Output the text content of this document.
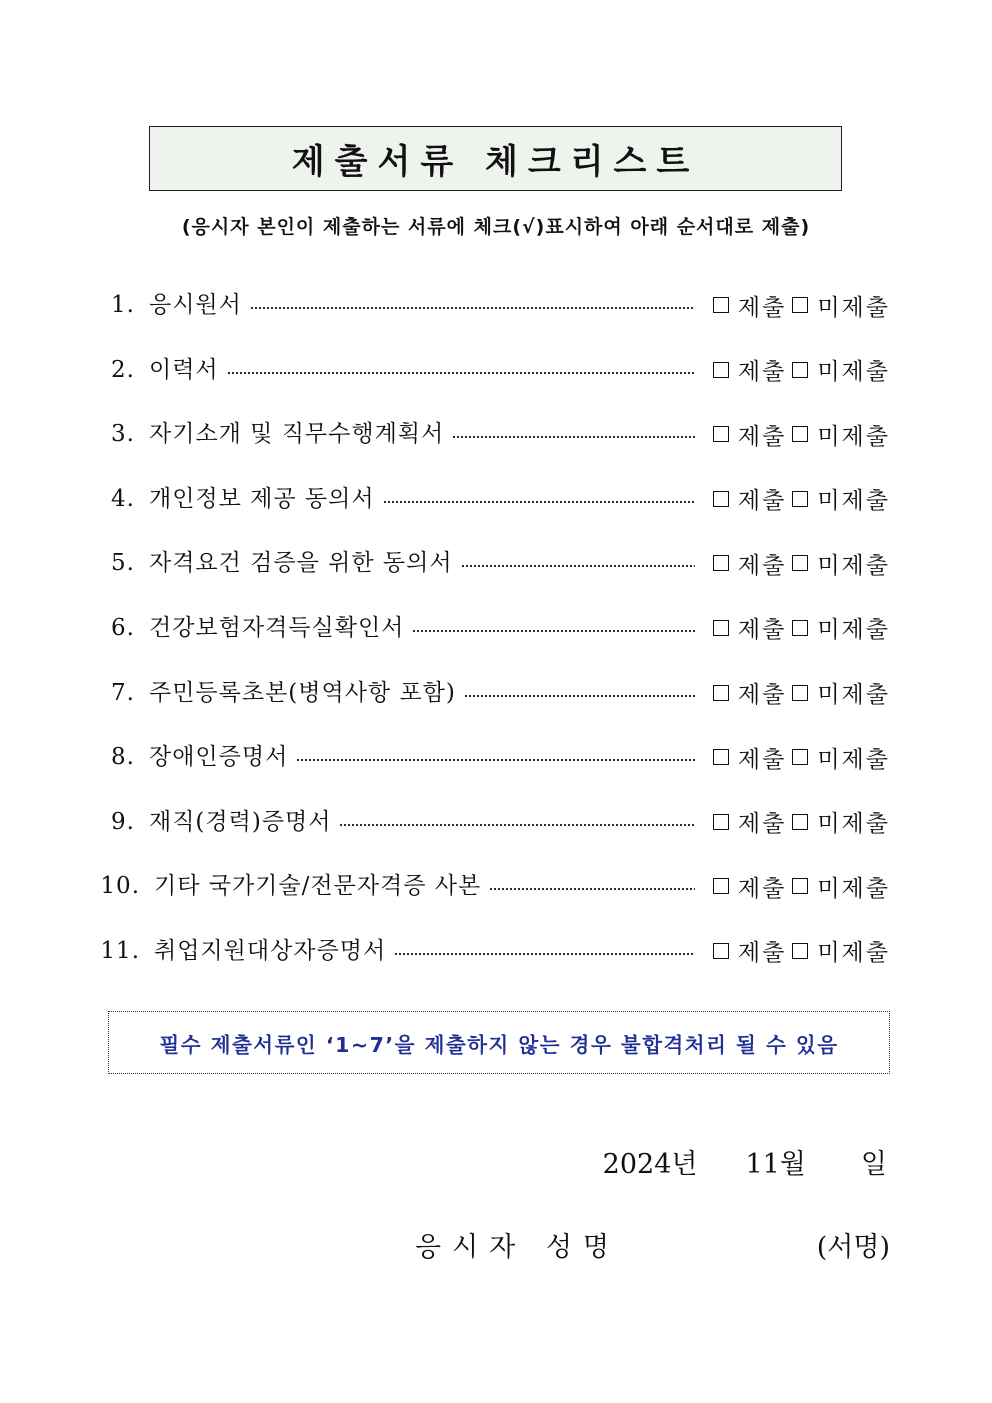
제출서류 체크리스트
(응시자 본인이 제출하는 서류에 체크(√)표시하여 아래 순서대로 제출)
1. 응시원서	제출 미제출
2. 이력서	제출 미제출
3. 자기소개 및 직무수행계획서	제출 미제출
4. 개인정보 제공 동의서	제출 미제출
5. 자격요건 검증을 위한 동의서	제출 미제출
6. 건강보험자격득실확인서	제출 미제출
7. 주민등록초본(병역사항 포함)	제출 미제출
8. 장애인증명서	제출 미제출
9. 재직(경력)증명서	제출 미제출
10. 기타 국가기술/전문자격증 사본	제출 미제출
11. 취업지원대상자증명서	제출 미제출
필수 제출서류인 ‘1~7’을 제출하지 않는 경우 불합격처리 될 수 있음
2024년 11월 일
응시자 성명	(서명)
